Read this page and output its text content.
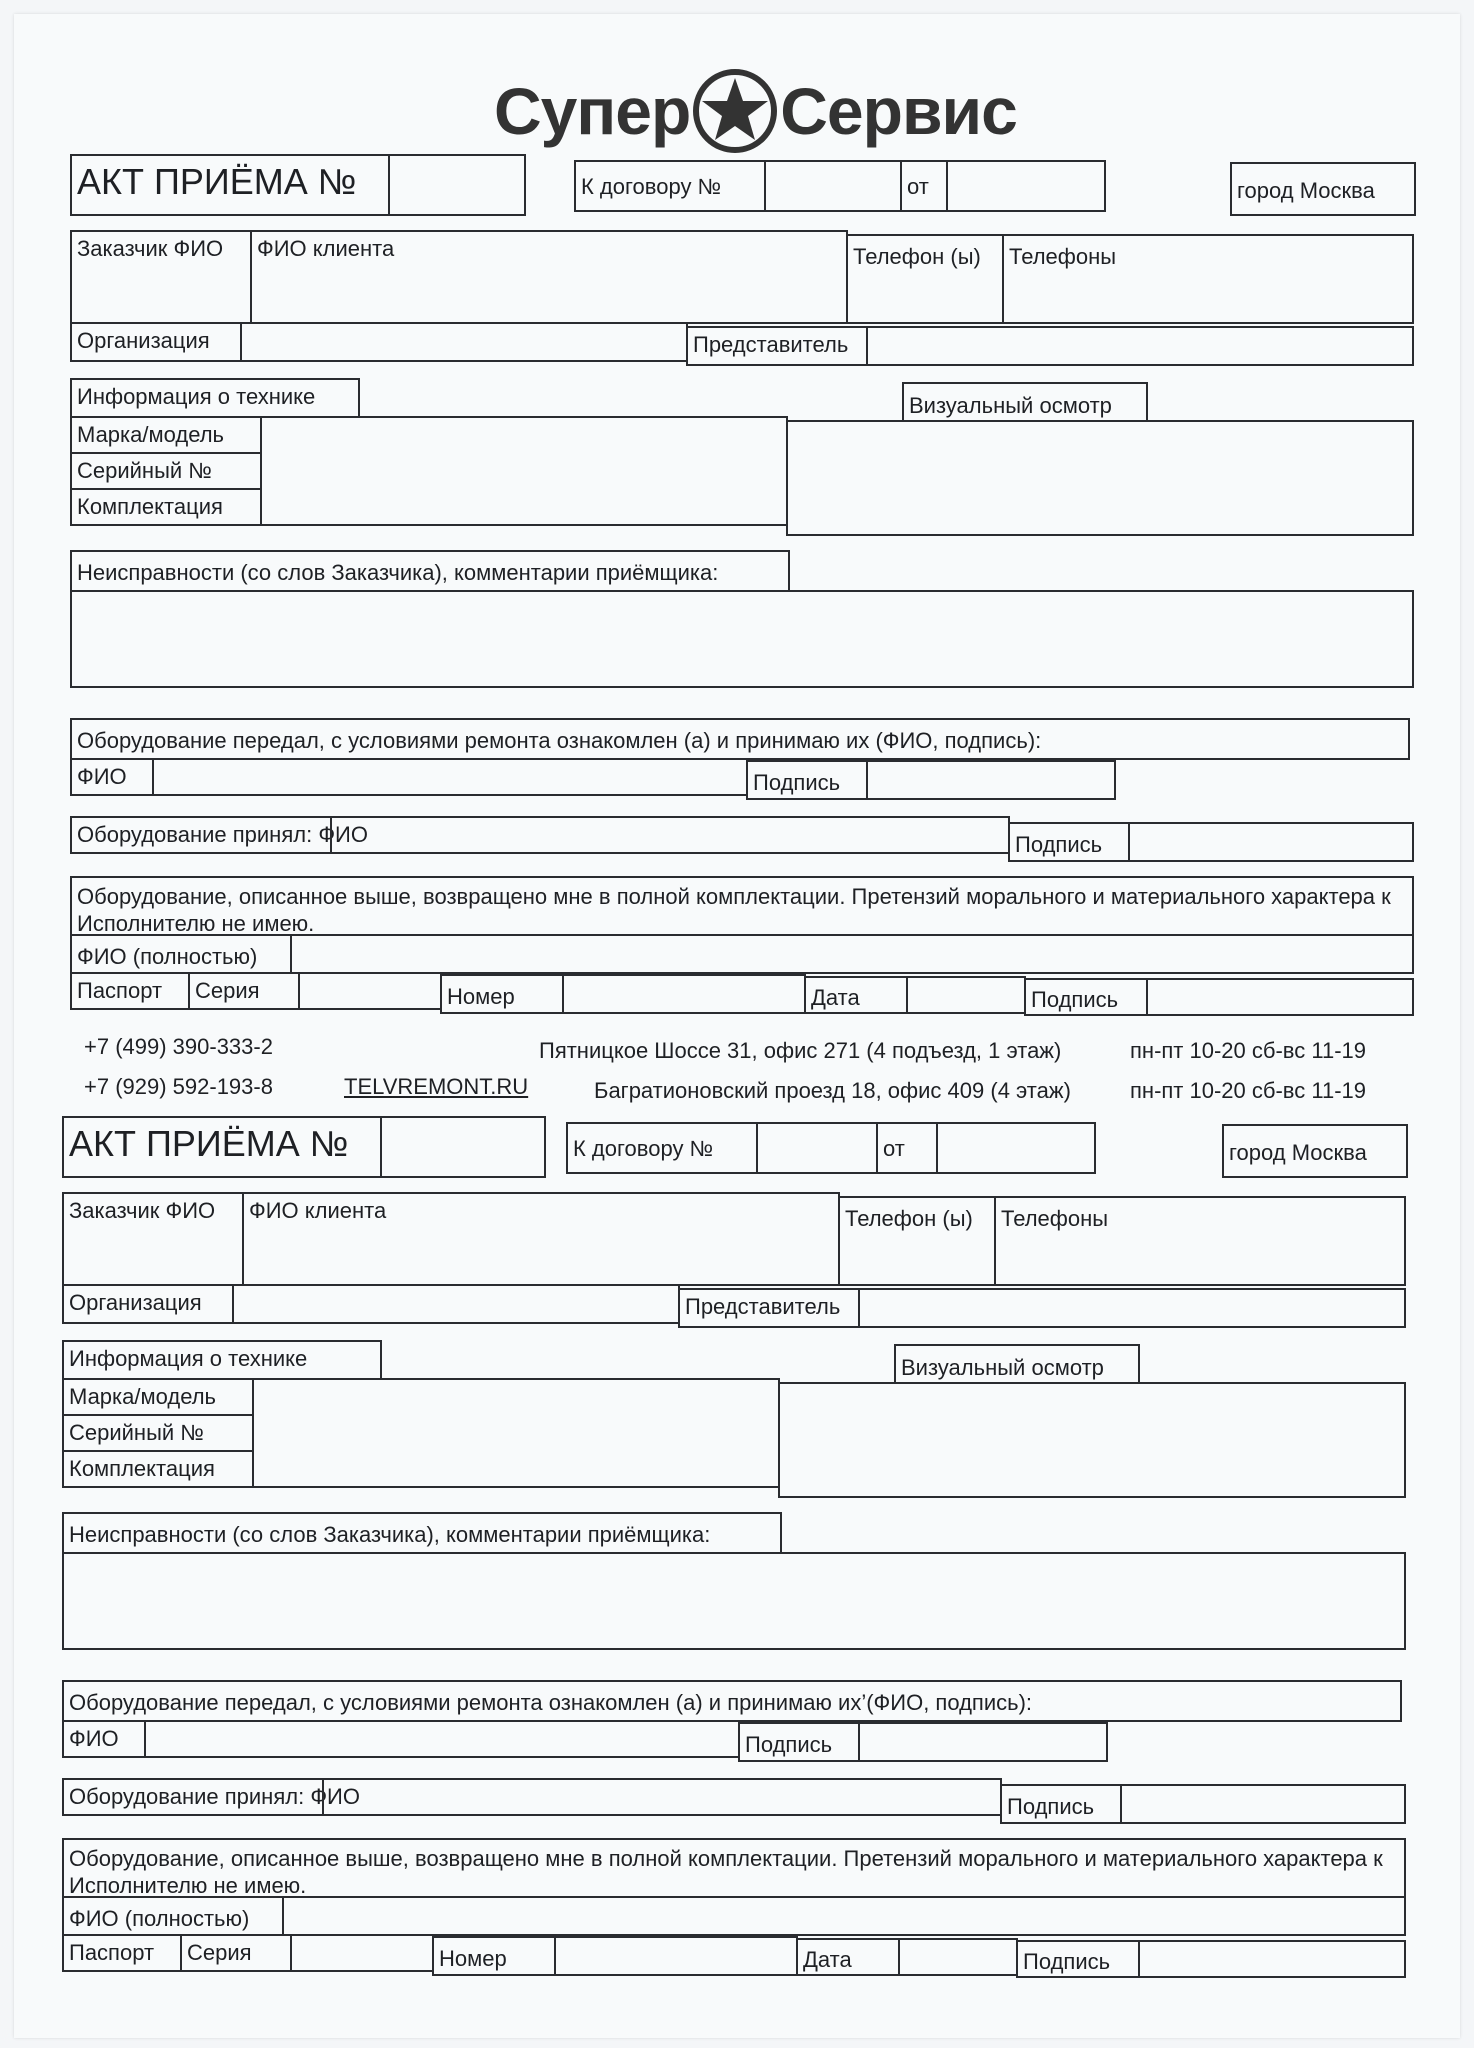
Супер Сервис
АКТ ПРИЁМА №	К договору №	от	город Москва
Заказчик ФИО	ФИО клиента	Телефон (ы)	Телефоны
Организация	Представитель
Информация о технике	Визуальный осмотр
Марка/модель
Серийный №
Комплектация
Неисправности (со слов Заказчика), комментарии приёмщика:
Оборудование передал, с условиями ремонта ознакомлен (а) и принимаю их (ФИО, подпись):
ФИО	Подпись
Оборудование принял: ФИО	Подпись
Оборудование, описанное выше, возвращено мне в полной комплектации. Претензий морального и материального характера к Исполнителю не имею.
ФИО (полностью)
Паспорт	Серия	Номер	Дата	Подпись
+7 (499) 390-333-2
+7 (929) 592-193-8	TELVREMONT.RU
Пятницкое Шоссе 31, офис 271 (4 подъезд, 1 этаж)
Багратионовский проезд 18, офис 409 (4 этаж)
пн-пт 10-20 сб-вс 11-19
пн-пт 10-20 сб-вс 11-19
АКТ ПРИЁМА №	К договору №	от	город Москва
Заказчик ФИО	ФИО клиента	Телефон (ы)	Телефоны
Организация	Представитель
Информация о технике	Визуальный осмотр
Марка/модель
Серийный №
Комплектация
Неисправности (со слов Заказчика), комментарии приёмщика:
Оборудование передал, с условиями ремонта ознакомлен (а) и принимаю их’(ФИО, подпись):
ФИО	Подпись
Оборудование принял: ФИО	Подпись
Оборудование, описанное выше, возвращено мне в полной комплектации. Претензий морального и материального характера к Исполнителю не имею.
ФИО (полностью)
Паспорт	Серия	Номер	Дата	Подпись
